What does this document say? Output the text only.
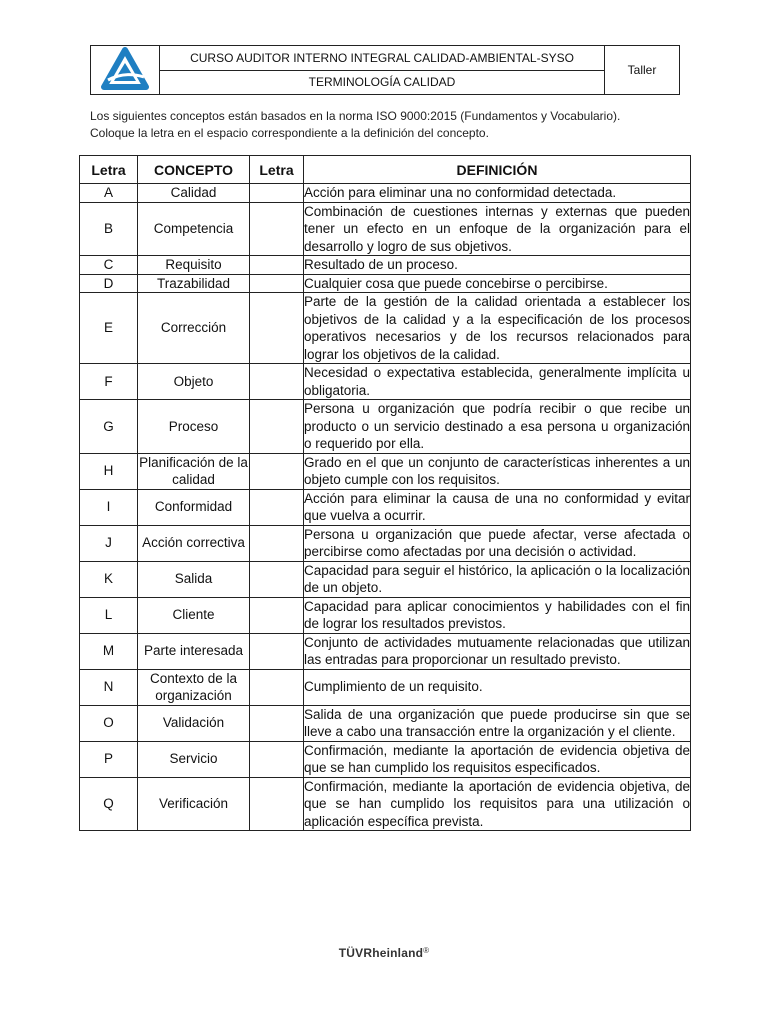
	CURSO AUDITOR INTERNO INTEGRAL CALIDAD-AMBIENTAL-SYSO	Taller
TERMINOLOGÍA CALIDAD
Los siguientes conceptos están basados en la norma ISO 9000:2015 (Fundamentos y Vocabulario).
Coloque la letra en el espacio correspondiente a la definición del concepto.
Letra	CONCEPTO	Letra	DEFINICIÓN
A	Calidad		Acción para eliminar una no conformidad detectada.
B	Competencia		Combinación de cuestiones internas y externas que pueden tener un efecto en un enfoque de la organización para el desarrollo y logro de sus objetivos.
C	Requisito		Resultado de un proceso.
D	Trazabilidad		Cualquier cosa que puede concebirse o percibirse.
E	Corrección		Parte de la gestión de la calidad orientada a establecer los objetivos de la calidad y a la especificación de los procesos operativos necesarios y de los recursos relacionados para lograr los objetivos de la calidad.
F	Objeto		Necesidad o expectativa establecida, generalmente implícita u obligatoria.
G	Proceso		Persona u organización que podría recibir o que recibe un producto o un servicio destinado a esa persona u organización o requerido por ella.
H	Planificación de la calidad		Grado en el que un conjunto de características inherentes a un objeto cumple con los requisitos.
I	Conformidad		Acción para eliminar la causa de una no conformidad y evitar que vuelva a ocurrir.
J	Acción correctiva		Persona u organización que puede afectar, verse afectada o percibirse como afectadas por una decisión o actividad.
K	Salida		Capacidad para seguir el histórico, la aplicación o la localización de un objeto.
L	Cliente		Capacidad para aplicar conocimientos y habilidades con el fin de lograr los resultados previstos.
M	Parte interesada		Conjunto de actividades mutuamente relacionadas que utilizan las entradas para proporcionar un resultado previsto.
N	Contexto de la organización		Cumplimiento de un requisito.
O	Validación		Salida de una organización que puede producirse sin que se lleve a cabo una transacción entre la organización y el cliente.
P	Servicio		Confirmación, mediante la aportación de evidencia objetiva de que se han cumplido los requisitos especificados.
Q	Verificación		Confirmación, mediante la aportación de evidencia objetiva, de que se han cumplido los requisitos para una utilización o aplicación específica prevista.
TÜVRheinland®
